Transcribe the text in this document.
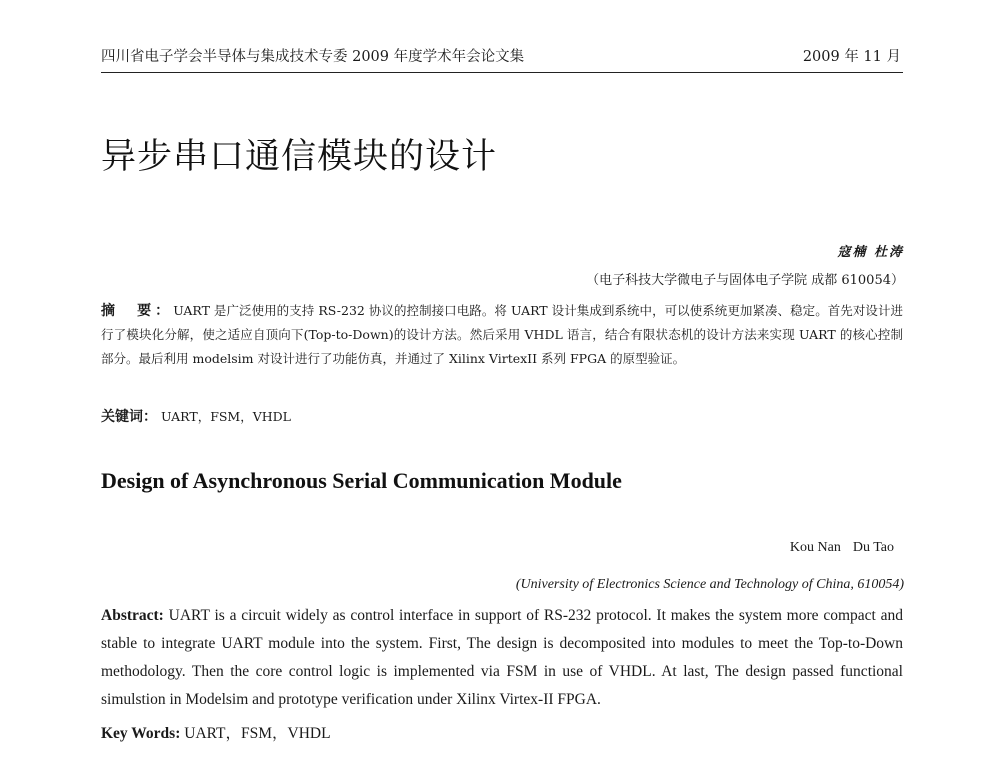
四川省电子学会半导体与集成技术专委 2009 年度学术年会论文集	2009 年 11 月
异步串口通信模块的设计
寇楠 杜涛
（电子科技大学微电子与固体电子学院 成都 610054）

摘　要：UART 是广泛使用的支持 RS-232 协议的控制接口电路。将 UART 设计集成到系统中，可以使系统更加紧凑、稳定。首先对设计进行了模块化分解，使之适应自顶向下(Top-to-Down)的设计方法。然后采用 VHDL 语言，结合有限状态机的设计方法来实现 UART 的核心控制部分。最后利用 modelsim 对设计进行了功能仿真，并通过了 Xilinx VirtexII 系列 FPGA 的原型验证。

关键词： UART，FSM，VHDL
Design of Asynchronous Serial Communication Module
Kou Nan Du Tao
(University of Electronics Science and Technology of China, 610054)

Abstract: UART is a circuit widely as control interface in support of RS-232 protocol. It makes the system more compact and stable to integrate UART module into the system. First, The design is decomposited into modules to meet the Top-to-Down methodology. Then the core control logic is implemented via FSM in use of VHDL. At last, The design passed functional simulstion in Modelsim and prototype verification under Xilinx Virtex-II FPGA.

Key Words: UART，FSM，VHDL
